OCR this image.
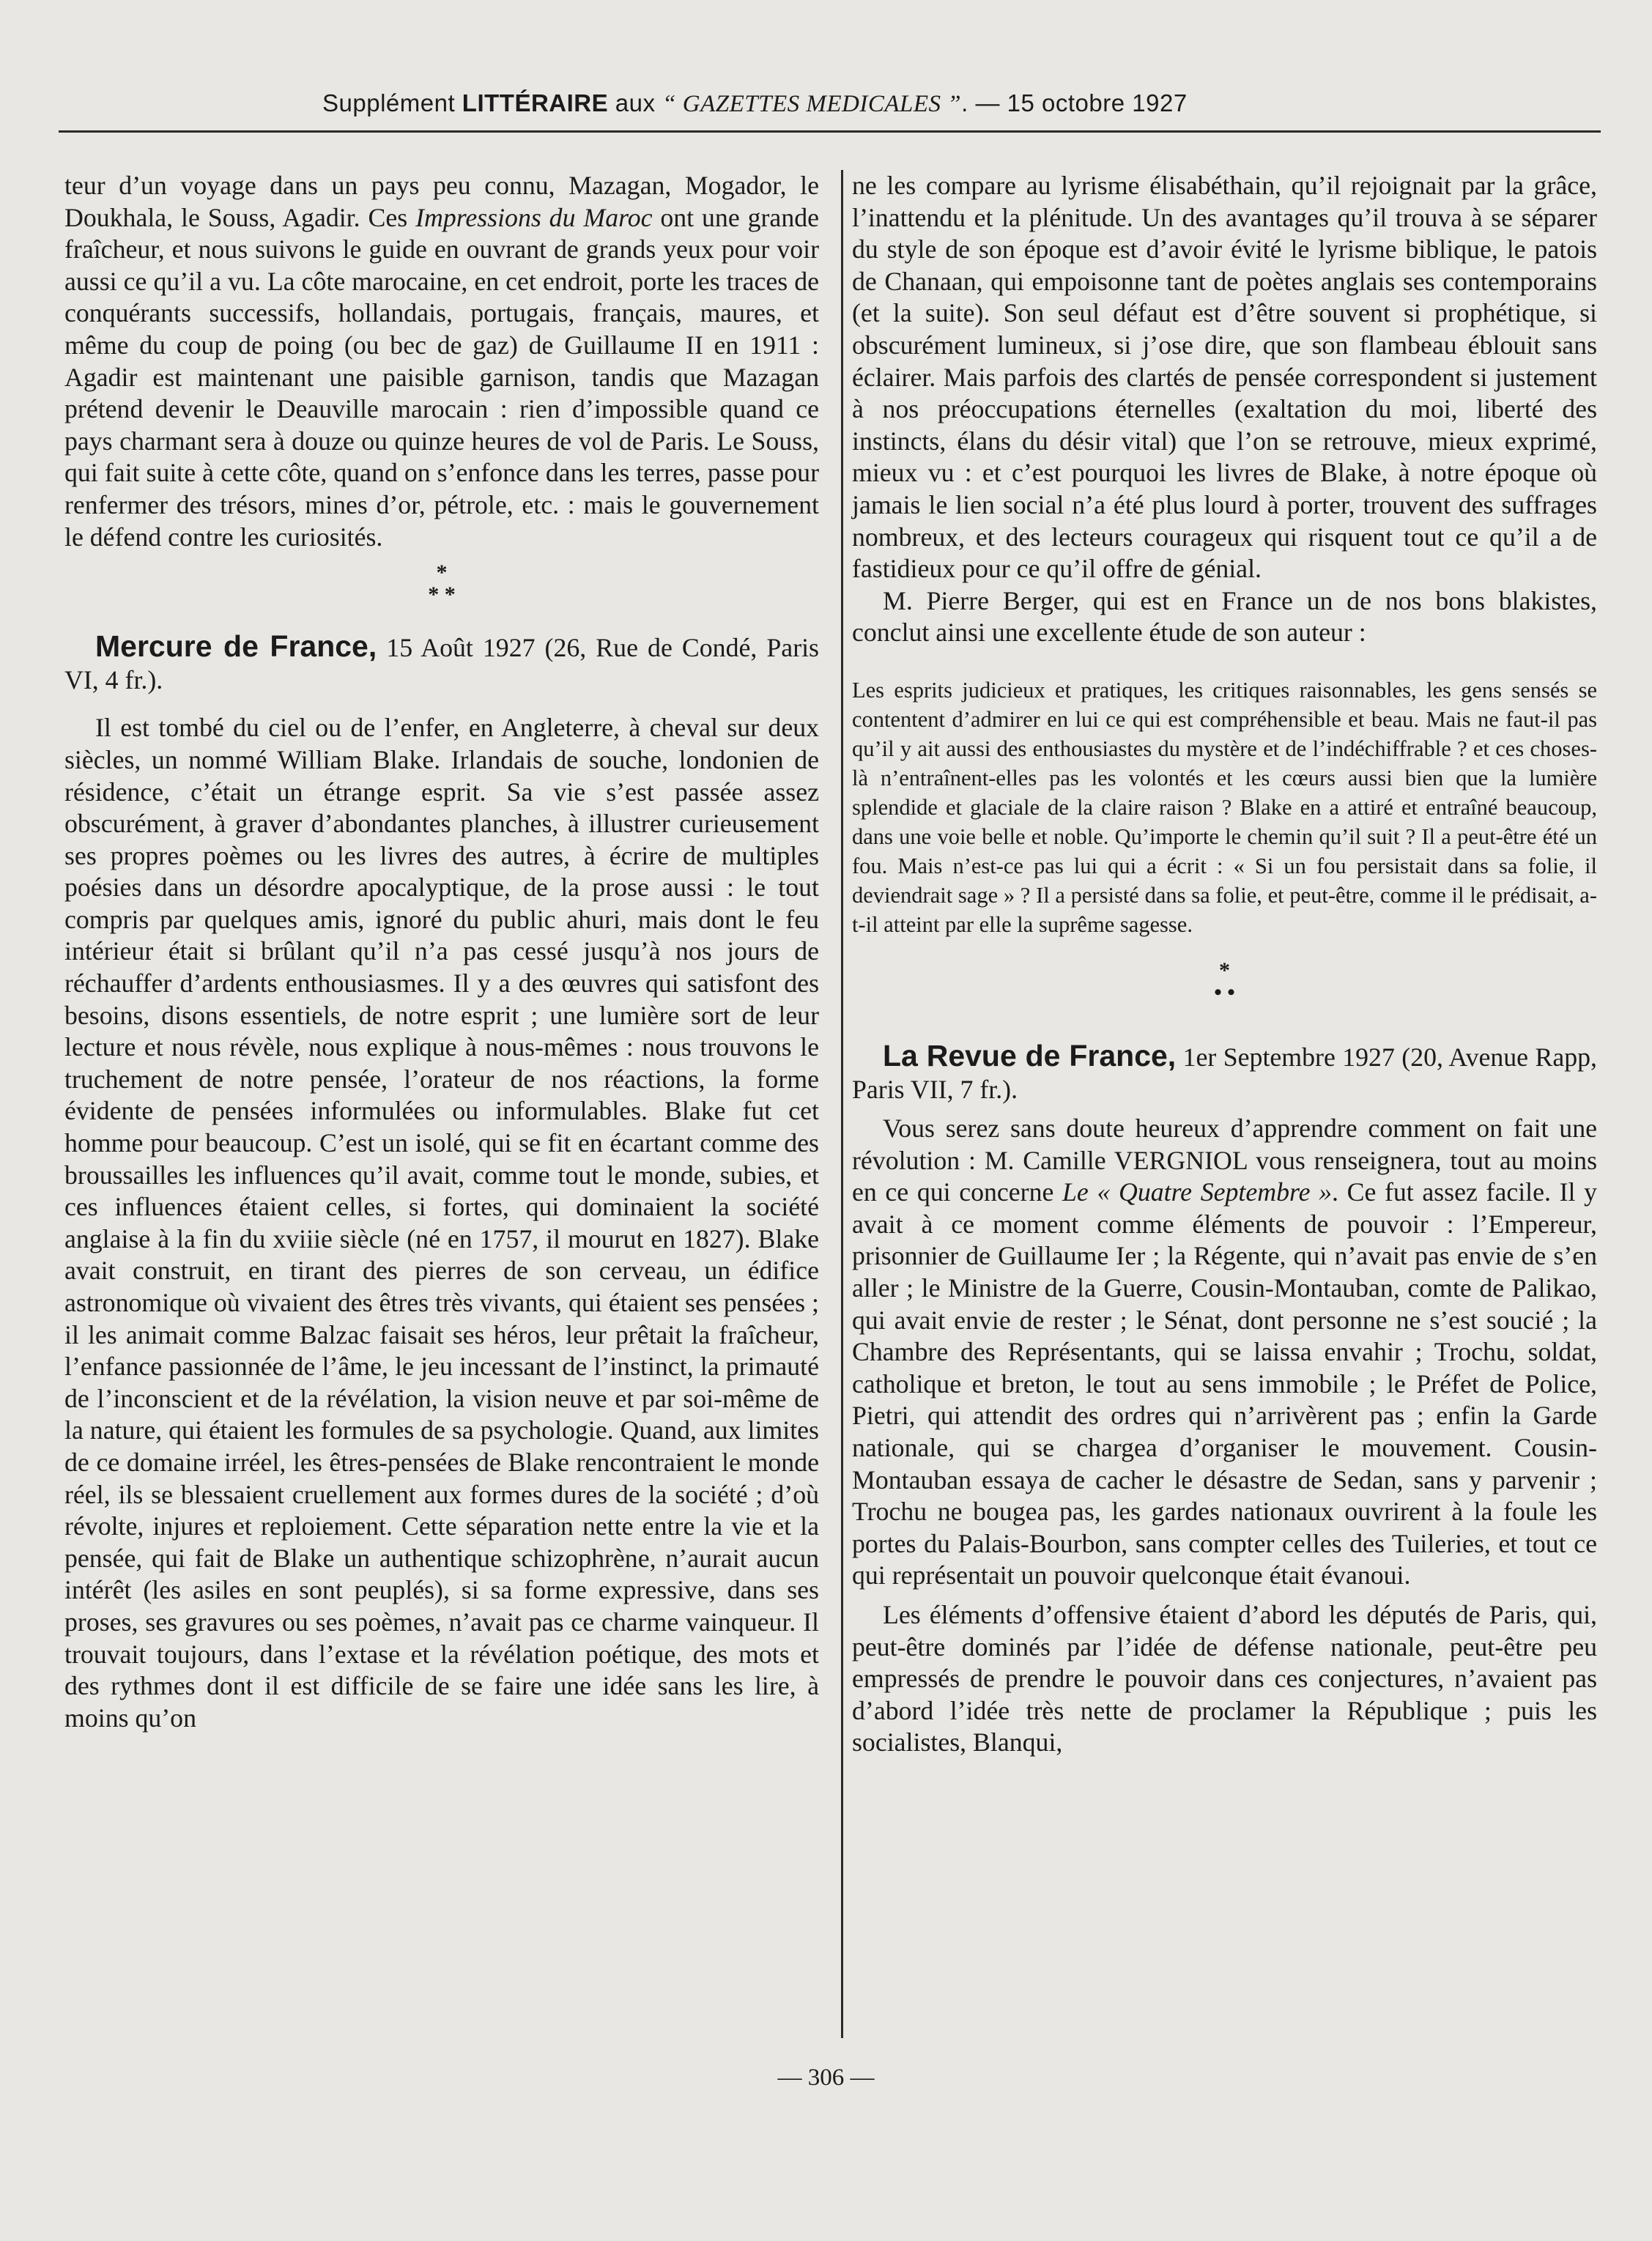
Supplément LITTÉRAIRE aux “ GAZETTES MEDICALES ”. — 15 octobre 1927

teur d’un voyage dans un pays peu connu, Mazagan, Mogador, le Doukhala, le Souss, Agadir. Ces Impressions du Maroc ont une grande fraîcheur, et nous suivons le guide en ouvrant de grands yeux pour voir aussi ce qu’il a vu. La côte marocaine, en cet endroit, porte les traces de conquérants successifs, hollandais, portugais, français, maures, et même du coup de poing (ou bec de gaz) de Guillaume II en 1911 : Agadir est maintenant une paisible garnison, tandis que Mazagan prétend devenir le Deauville marocain : rien d’impossible quand ce pays charmant sera à douze ou quinze heures de vol de Paris. Le Souss, qui fait suite à cette côte, quand on s’enfonce dans les terres, passe pour renfermer des trésors, mines d’or, pétrole, etc. : mais le gouvernement le défend contre les curiosités.

*
* *

Mercure de France, 15 Août 1927 (26, Rue de Condé, Paris VI, 4 fr.).

Il est tombé du ciel ou de l’enfer, en Angleterre, à cheval sur deux siècles, un nommé William Blake. Irlandais de souche, londonien de résidence, c’était un étrange esprit. Sa vie s’est passée assez obscurément, à graver d’abondantes planches, à illustrer curieusement ses propres poèmes ou les livres des autres, à écrire de multiples poésies dans un désordre apocalyptique, de la prose aussi : le tout compris par quelques amis, ignoré du public ahuri, mais dont le feu intérieur était si brûlant qu’il n’a pas cessé jusqu’à nos jours de réchauffer d’ardents enthousiasmes. Il y a des œuvres qui satisfont des besoins, disons essentiels, de notre esprit ; une lumière sort de leur lecture et nous révèle, nous explique à nous-mêmes : nous trouvons le truchement de notre pensée, l’orateur de nos réactions, la forme évidente de pensées informulées ou informulables. Blake fut cet homme pour beaucoup. C’est un isolé, qui se fit en écartant comme des broussailles les influences qu’il avait, comme tout le monde, subies, et ces influences étaient celles, si fortes, qui dominaient la société anglaise à la fin du xviiie siècle (né en 1757, il mourut en 1827). Blake avait construit, en tirant des pierres de son cerveau, un édifice astronomique où vivaient des êtres très vivants, qui étaient ses pensées ; il les animait comme Balzac faisait ses héros, leur prêtait la fraîcheur, l’enfance passionnée de l’âme, le jeu incessant de l’instinct, la primauté de l’inconscient et de la révélation, la vision neuve et par soi-même de la nature, qui étaient les formules de sa psychologie. Quand, aux limites de ce domaine irréel, les êtres-pensées de Blake rencontraient le monde réel, ils se blessaient cruellement aux formes dures de la société ; d’où révolte, injures et reploiement. Cette séparation nette entre la vie et la pensée, qui fait de Blake un authentique schizophrène, n’aurait aucun intérêt (les asiles en sont peuplés), si sa forme expressive, dans ses proses, ses gravures ou ses poèmes, n’avait pas ce charme vainqueur. Il trouvait toujours, dans l’extase et la révélation poétique, des mots et des rythmes dont il est difficile de se faire une idée sans les lire, à moins qu’on

ne les compare au lyrisme élisabéthain, qu’il rejoignait par la grâce, l’inattendu et la plénitude. Un des avantages qu’il trouva à se séparer du style de son époque est d’avoir évité le lyrisme biblique, le patois de Chanaan, qui empoisonne tant de poètes anglais ses contemporains (et la suite). Son seul défaut est d’être souvent si prophétique, si obscurément lumineux, si j’ose dire, que son flambeau éblouit sans éclairer. Mais parfois des clartés de pensée correspondent si justement à nos préoccupations éternelles (exaltation du moi, liberté des instincts, élans du désir vital) que l’on se retrouve, mieux exprimé, mieux vu : et c’est pourquoi les livres de Blake, à notre époque où jamais le lien social n’a été plus lourd à porter, trouvent des suffrages nombreux, et des lecteurs courageux qui risquent tout ce qu’il a de fastidieux pour ce qu’il offre de génial.

M. Pierre Berger, qui est en France un de nos bons blakistes, conclut ainsi une excellente étude de son auteur :

Les esprits judicieux et pratiques, les critiques raisonnables, les gens sensés se contentent d’admirer en lui ce qui est compréhensible et beau. Mais ne faut-il pas qu’il y ait aussi des enthousiastes du mystère et de l’indéchiffrable ? et ces choses-là n’entraînent-elles pas les volontés et les cœurs aussi bien que la lumière splendide et glaciale de la claire raison ? Blake en a attiré et entraîné beaucoup, dans une voie belle et noble. Qu’importe le chemin qu’il suit ? Il a peut-être été un fou. Mais n’est-ce pas lui qui a écrit : « Si un fou persistait dans sa folie, il deviendrait sage » ? Il a persisté dans sa folie, et peut-être, comme il le prédisait, a-t-il atteint par elle la suprême sagesse.

*
• •

La Revue de France, 1er Septembre 1927 (20, Avenue Rapp, Paris VII, 7 fr.).

Vous serez sans doute heureux d’apprendre comment on fait une révolution : M. Camille VERGNIOL vous renseignera, tout au moins en ce qui concerne Le « Quatre Septembre ». Ce fut assez facile. Il y avait à ce moment comme éléments de pouvoir : l’Empereur, prisonnier de Guillaume Ier ; la Régente, qui n’avait pas envie de s’en aller ; le Ministre de la Guerre, Cousin-Montauban, comte de Palikao, qui avait envie de rester ; le Sénat, dont personne ne s’est soucié ; la Chambre des Représentants, qui se laissa envahir ; Trochu, soldat, catholique et breton, le tout au sens immobile ; le Préfet de Police, Pietri, qui attendit des ordres qui n’arrivèrent pas ; enfin la Garde nationale, qui se chargea d’organiser le mouvement. Cousin-Montauban essaya de cacher le désastre de Sedan, sans y parvenir ; Trochu ne bougea pas, les gardes nationaux ouvrirent à la foule les portes du Palais-Bourbon, sans compter celles des Tuileries, et tout ce qui représentait un pouvoir quelconque était évanoui.

Les éléments d’offensive étaient d’abord les députés de Paris, qui, peut-être dominés par l’idée de défense nationale, peut-être peu empressés de prendre le pouvoir dans ces conjectures, n’avaient pas d’abord l’idée très nette de proclamer la République ; puis les socialistes, Blanqui,

— 306 —
